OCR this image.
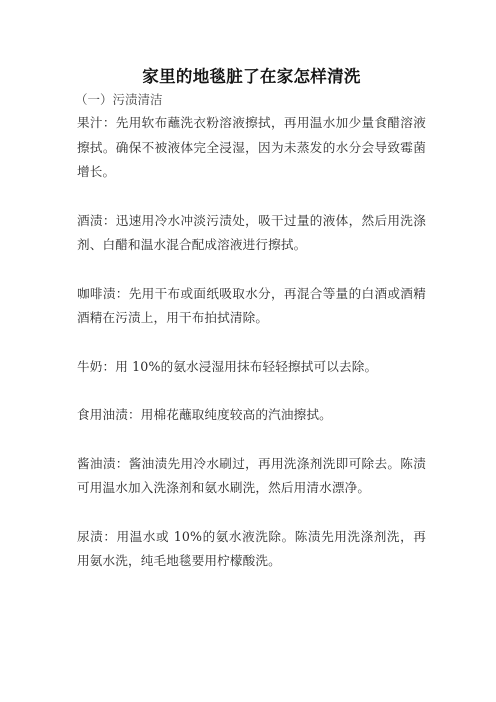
家里的地毯脏了在家怎样清洗
（一）污渍清洁

果汁：先用软布蘸洗衣粉溶液擦拭，再用温水加少量食醋溶液擦拭。确保不被液体完全浸湿，因为未蒸发的水分会导致霉菌增长。

酒渍：迅速用冷水冲淡污渍处，吸干过量的液体，然后用洗涤剂、白醋和温水混合配成溶液进行擦拭。

咖啡渍：先用干布或面纸吸取水分，再混合等量的白酒或酒精酒精在污渍上，用干布拍拭清除。

牛奶：用 10%的氨水浸湿用抹布轻轻擦拭可以去除。

食用油渍：用棉花蘸取纯度较高的汽油擦拭。

酱油渍：酱油渍先用冷水刷过，再用洗涤剂洗即可除去。陈渍可用温水加入洗涤剂和氨水刷洗，然后用清水漂净。

尿渍：用温水或 10%的氨水液洗除。陈渍先用洗涤剂洗，再用氨水洗，纯毛地毯要用柠檬酸洗。
